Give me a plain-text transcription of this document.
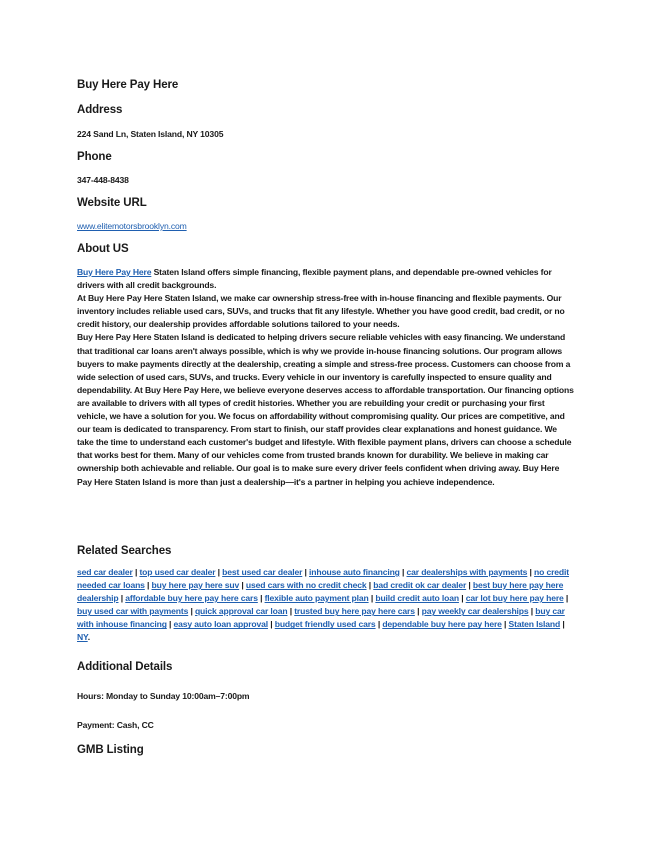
Buy Here Pay Here
Address

224 Sand Ln, Staten Island, NY 10305

Phone

347-448-8438

Website URL

www.elitemotorsbrooklyn.com

About US

Buy Here Pay Here Staten Island offers simple financing, flexible payment plans, and dependable pre-owned vehicles for drivers with all credit backgrounds.

At Buy Here Pay Here Staten Island, we make car ownership stress-free with in-house financing and flexible payments. Our inventory includes reliable used cars, SUVs, and trucks that fit any lifestyle. Whether you have good credit, bad credit, or no credit history, our dealership provides affordable solutions tailored to your needs.

Buy Here Pay Here Staten Island is dedicated to helping drivers secure reliable vehicles with easy financing. We understand that traditional car loans aren't always possible, which is why we provide in-house financing solutions. Our program allows buyers to make payments directly at the dealership, creating a simple and stress-free process. Customers can choose from a wide selection of used cars, SUVs, and trucks. Every vehicle in our inventory is carefully inspected to ensure quality and dependability. At Buy Here Pay Here, we believe everyone deserves access to affordable transportation. Our financing options are available to drivers with all types of credit histories. Whether you are rebuilding your credit or purchasing your first vehicle, we have a solution for you. We focus on affordability without compromising quality. Our prices are competitive, and our team is dedicated to transparency. From start to finish, our staff provides clear explanations and honest guidance. We take the time to understand each customer's budget and lifestyle. With flexible payment plans, drivers can choose a schedule that works best for them. Many of our vehicles come from trusted brands known for durability. We believe in making car ownership both achievable and reliable. Our goal is to make sure every driver feels confident when driving away. Buy Here Pay Here Staten Island is more than just a dealership—it's a partner in helping you achieve independence.

Related Searches

sed car dealer | top used car dealer | best used car dealer | inhouse auto financing | car dealerships with payments | no credit needed car loans | buy here pay here suv | used cars with no credit check | bad credit ok car dealer | best buy here pay here dealership | affordable buy here pay here cars | flexible auto payment plan | build credit auto loan | car lot buy here pay here | buy used car with payments | quick approval car loan | trusted buy here pay here cars | pay weekly car dealerships | buy car with inhouse financing | easy auto loan approval | budget friendly used cars | dependable buy here pay here | Staten Island | NY.

Additional Details

Hours: Monday to Sunday 10:00am–7:00pm

Payment: Cash, CC

GMB Listing
